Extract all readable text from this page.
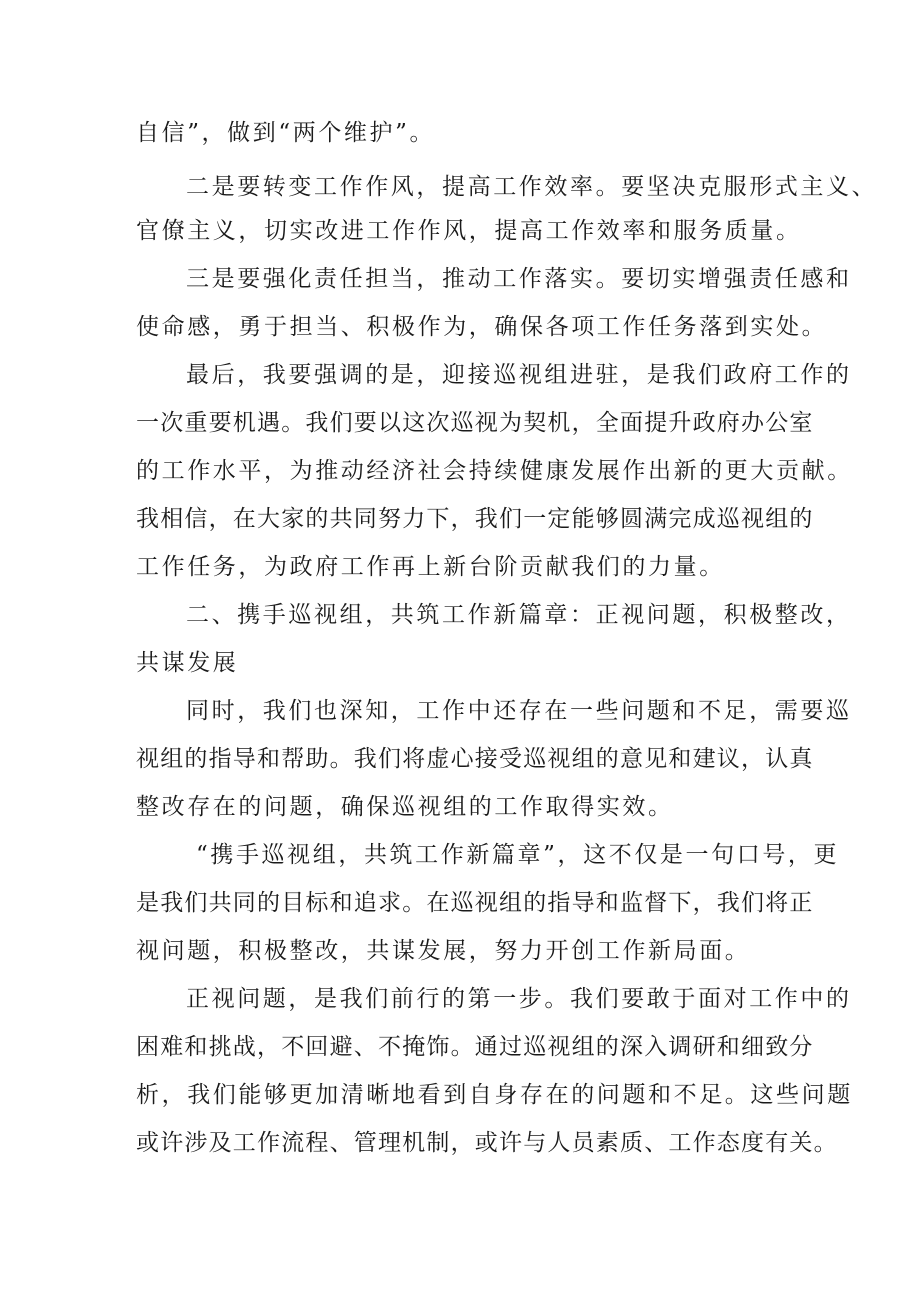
自信”，做到“两个维护”。
二是要转变工作作风，提高工作效率。要坚决克服形式主义、
官僚主义，切实改进工作作风，提高工作效率和服务质量。
三是要强化责任担当，推动工作落实。要切实增强责任感和
使命感，勇于担当、积极作为，确保各项工作任务落到实处。
最后，我要强调的是，迎接巡视组进驻，是我们政府工作的
一次重要机遇。我们要以这次巡视为契机，全面提升政府办公室
的工作水平，为推动经济社会持续健康发展作出新的更大贡献。
我相信，在大家的共同努力下，我们一定能够圆满完成巡视组的
工作任务，为政府工作再上新台阶贡献我们的力量。
二、携手巡视组，共筑工作新篇章：正视问题，积极整改，
共谋发展
同时，我们也深知，工作中还存在一些问题和不足，需要巡
视组的指导和帮助。我们将虚心接受巡视组的意见和建议，认真
整改存在的问题，确保巡视组的工作取得实效。
“携手巡视组，共筑工作新篇章”，这不仅是一句口号，更
是我们共同的目标和追求。在巡视组的指导和监督下，我们将正
视问题，积极整改，共谋发展，努力开创工作新局面。
正视问题，是我们前行的第一步。我们要敢于面对工作中的
困难和挑战，不回避、不掩饰。通过巡视组的深入调研和细致分
析，我们能够更加清晰地看到自身存在的问题和不足。这些问题
或许涉及工作流程、管理机制，或许与人员素质、工作态度有关。
